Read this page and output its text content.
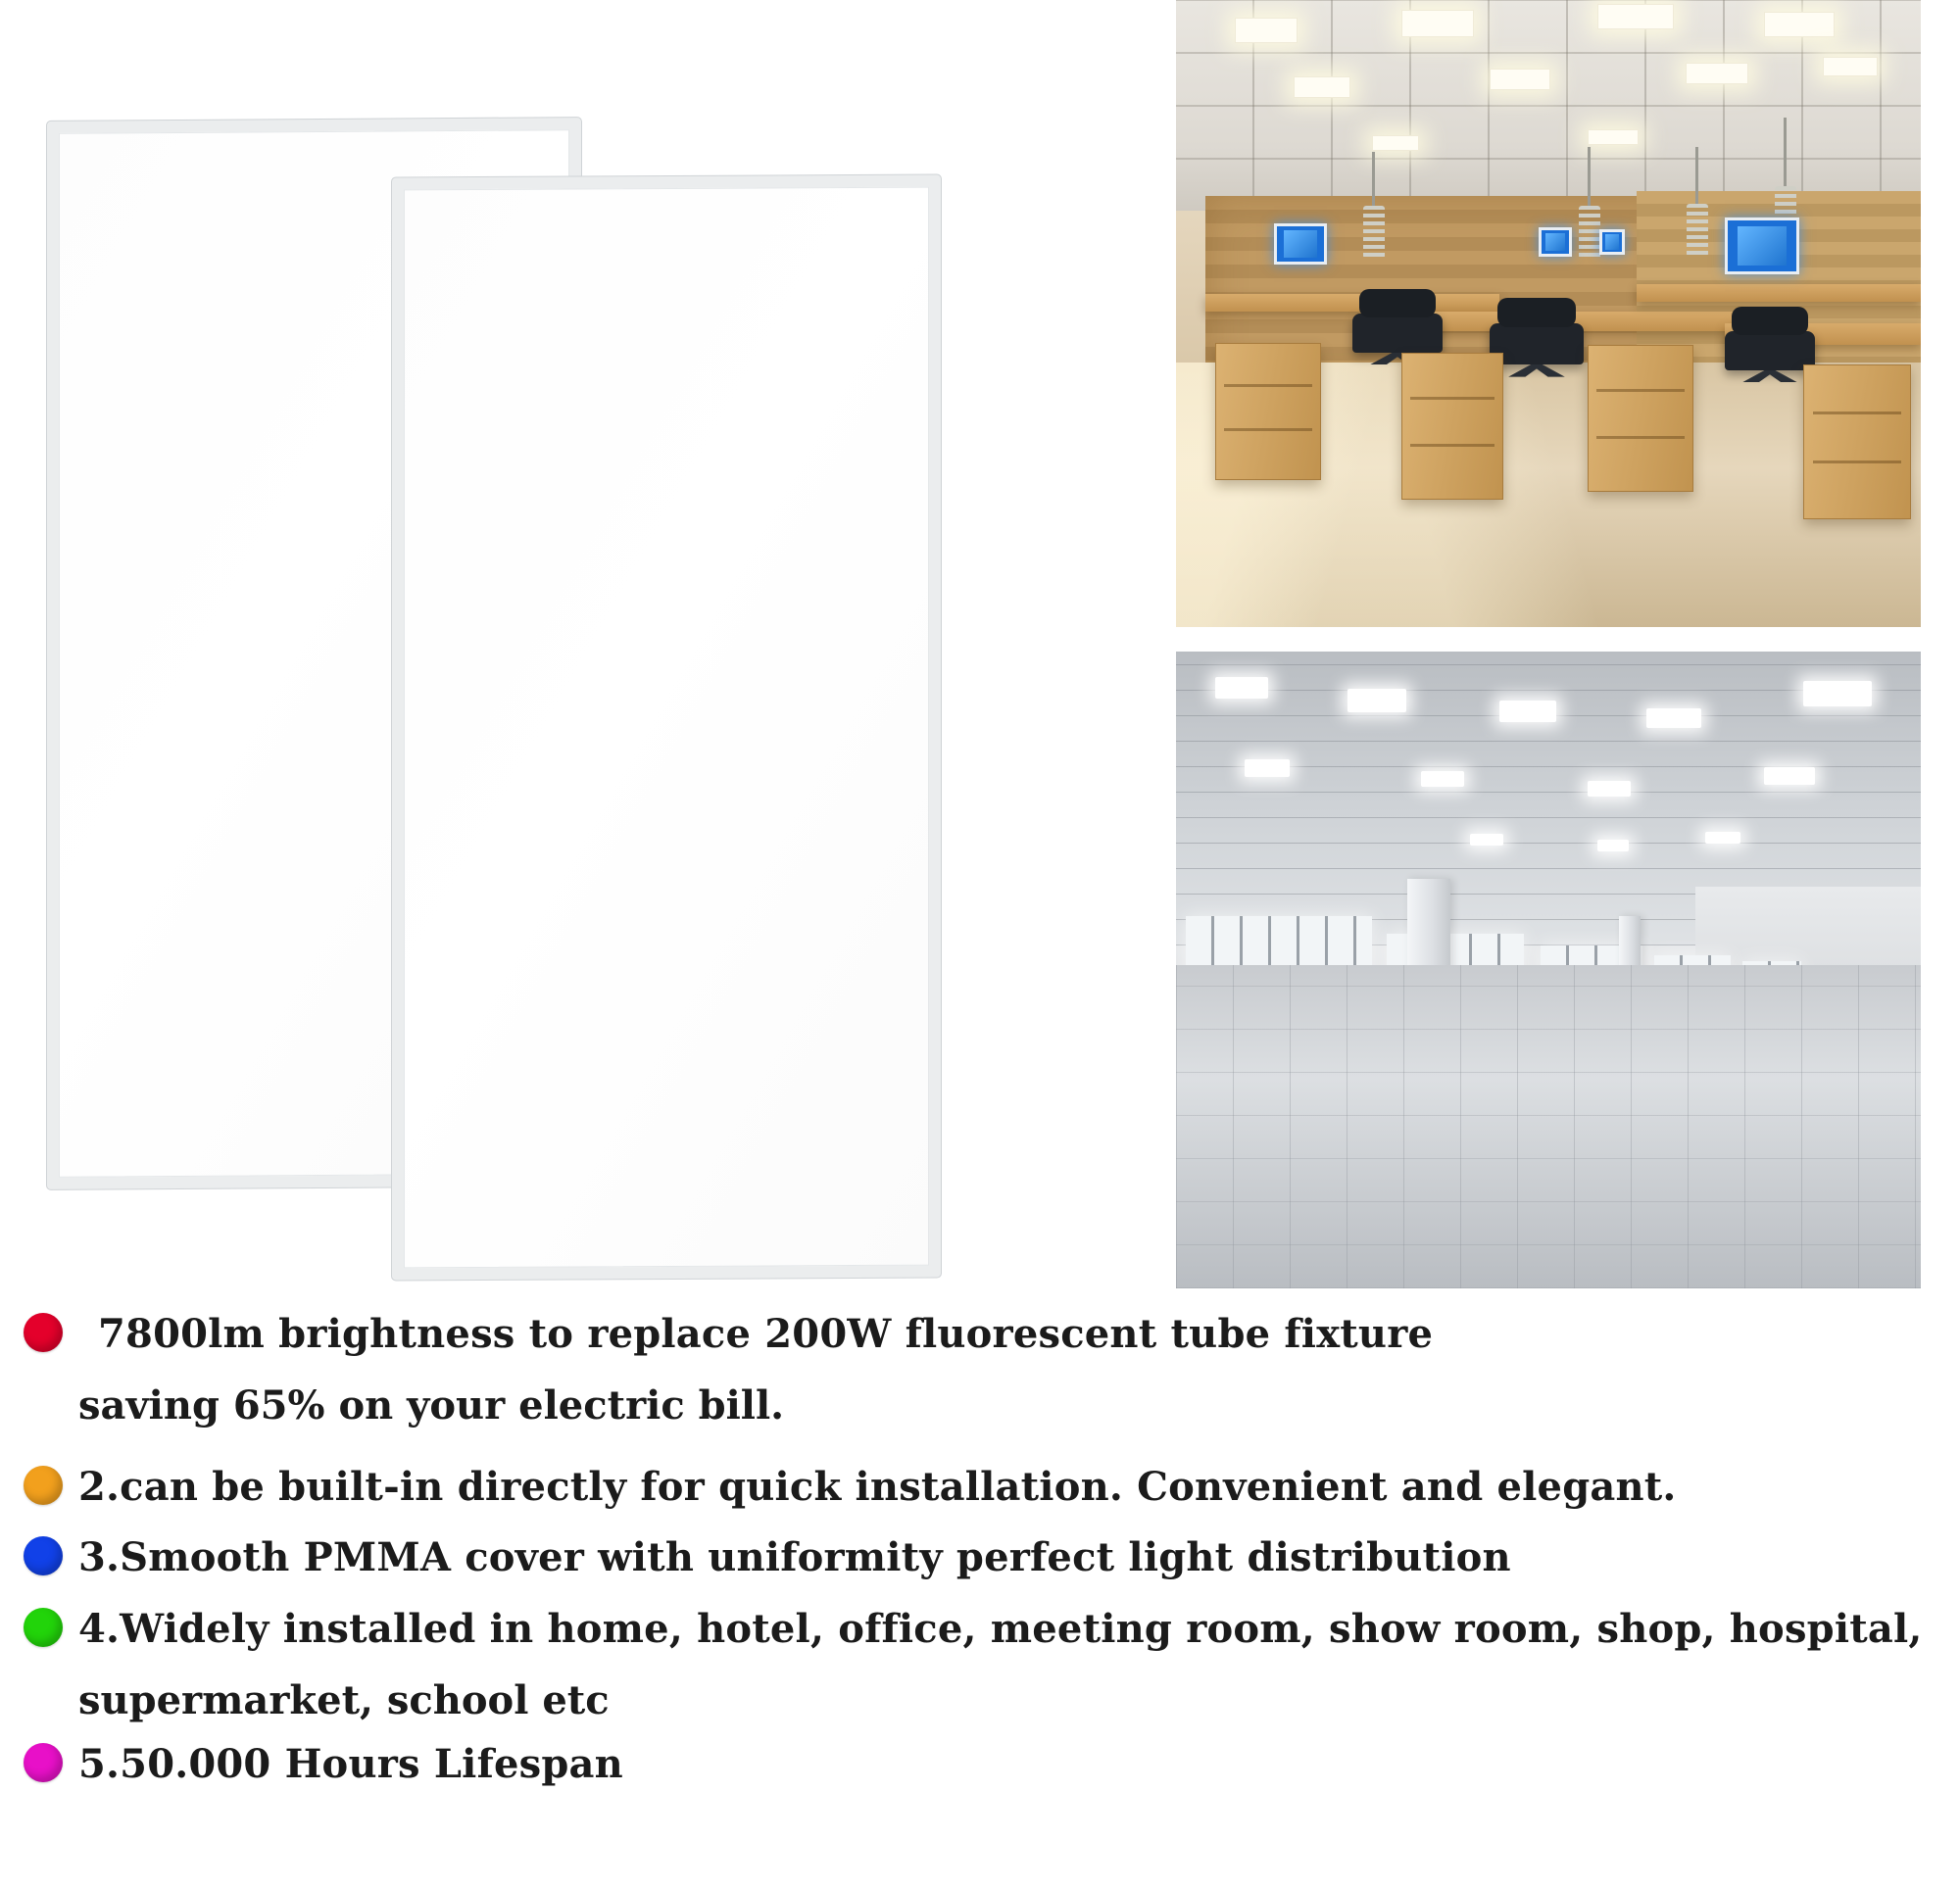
7800lm brightness to replace 200W fluorescent tube fixture
saving 65% on your electric bill.
2.can be built-in directly for quick installation. Convenient and elegant.
3.Smooth PMMA cover with uniformity perfect light distribution
4.Widely installed in home, hotel, office, meeting room, show room, shop, hospital,
supermarket, school etc
5.50.000 Hours Lifespan
